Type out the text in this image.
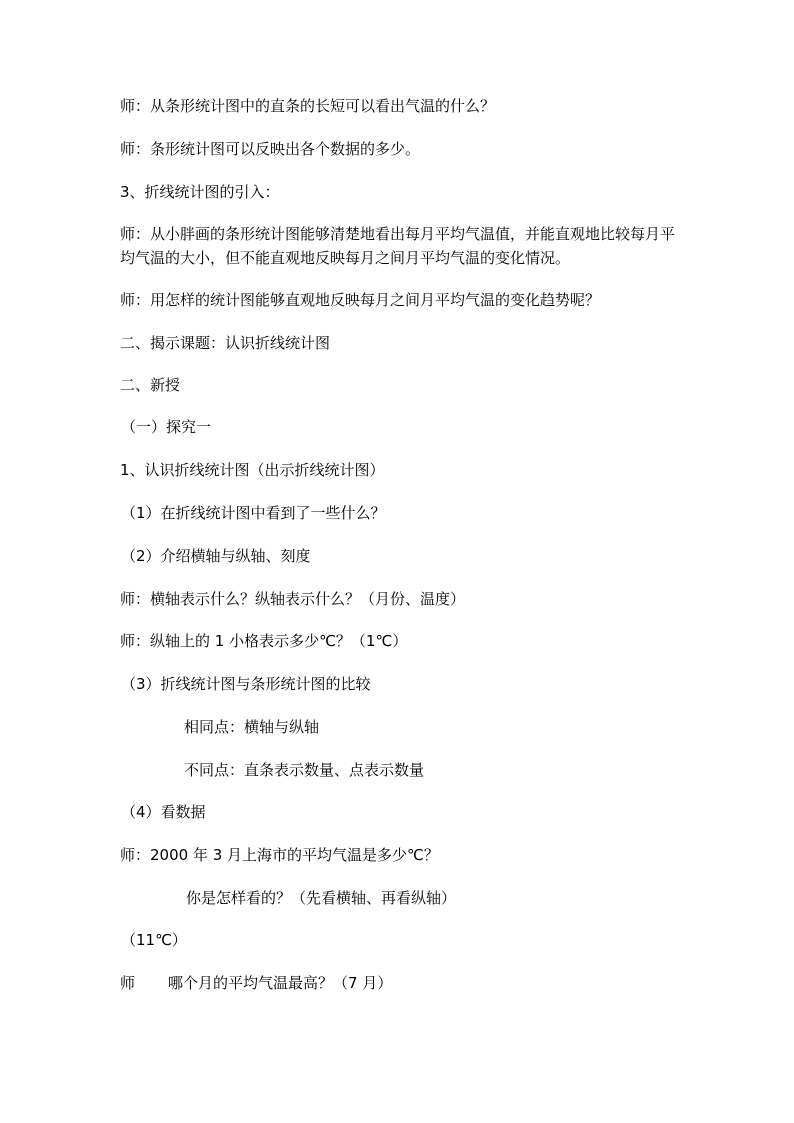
师：从条形统计图中的直条的长短可以看出气温的什么？
师：条形统计图可以反映出各个数据的多少。
3、折线统计图的引入：
师：从小胖画的条形统计图能够清楚地看出每月平均气温值，并能直观地比较每月平均气温的大小，但不能直观地反映每月之间月平均气温的变化情况。
师：用怎样的统计图能够直观地反映每月之间月平均气温的变化趋势呢？
二、揭示课题：认识折线统计图
二、新授
（一）探究一
1、认识折线统计图（出示折线统计图）
（1）在折线统计图中看到了一些什么？
（2）介绍横轴与纵轴、刻度
师：横轴表示什么？纵轴表示什么？（月份、温度）
师：纵轴上的 1 小格表示多少℃？（1℃）
（3）折线统计图与条形统计图的比较
相同点：横轴与纵轴
不同点：直条表示数量、点表示数量
（4）看数据
师：2000 年 3 月上海市的平均气温是多少℃？
你是怎样看的？（先看横轴、再看纵轴）
（11℃）
师 哪个月的平均气温最高？（7 月）
